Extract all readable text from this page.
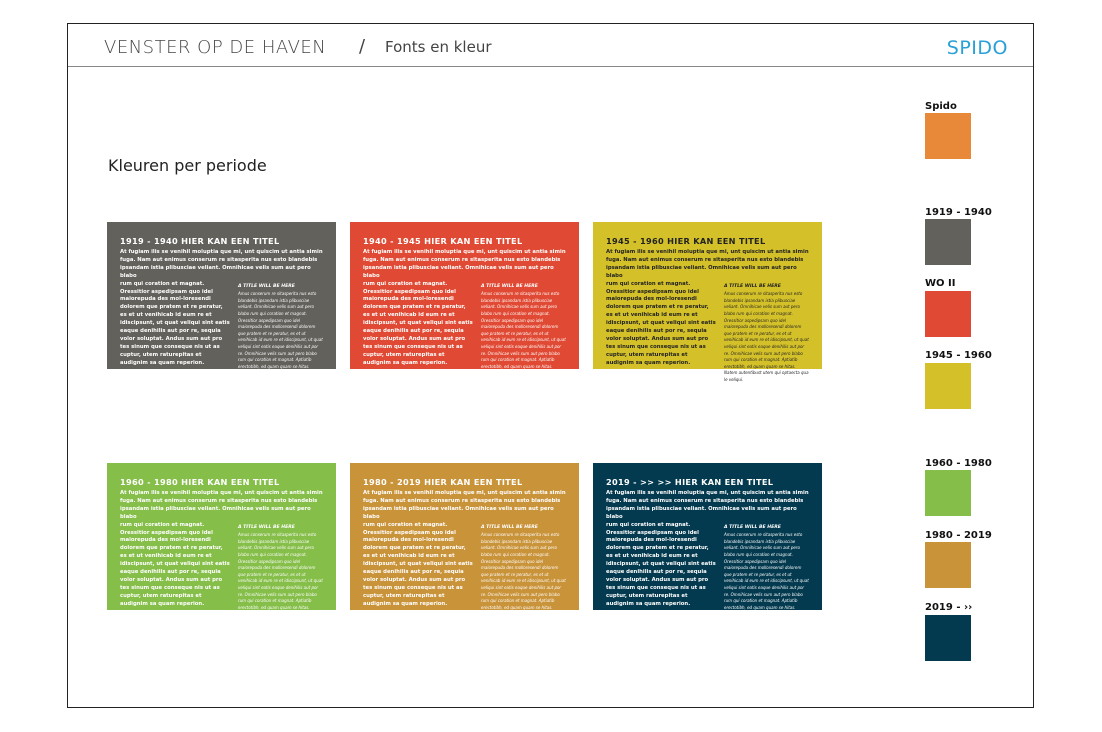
VENSTER OP DE HAVEN / Fonts en kleur	SPIDO
Kleuren per periode
1919 - 1940 HIER KAN EEN TITEL
At fugiam ilis se venihil moluptia que mi, unt quiscim ut antia simin fuga. Nam aut enimus conserum re sitasperita nus esto blandebis ipsandam istia plibusciae veliant. Omnihicae velis sum aut pero blabo
rum qui coration et magnat. Oressitior aspedipsam quo idel maiorepuda des mol-loresendi dolorem que pratem et re peratur, es et ut venihicab id eum re et idiscipsunt, ut quat veliqui sint eatis eaque denihilis aut por re, sequia volor soluptat. Andus sum aut pro tes sinum que conseque nis ut as cuptur, utem raturepitas et audignim sa quam reperion.
A TITLE WILL BE HERE
Amus conserum re sitasperita nus esto blandebis ipsandam istia plibusciae veliant. Omnihicae velis sum aut pero blabo rum qui coration et magnat. Oressitior aspedipsam quo idel maiorepuda des molloresendi dolorem que pratem et re peratur, es et ut venihicab id eum re et idiscipsunt, ut quat veliqui sint eatis eaque denihilis aut por re. Omnihicae velis sum aut pero blabo rum qui coration et magnat. Aptiatib erectotibh, ed quam quam se hitas. Natem autentibust utem qui optaecta qua le veliqui.
1940 - 1945 HIER KAN EEN TITEL
At fugiam ilis se venihil moluptia que mi, unt quiscim ut antia simin fuga. Nam aut enimus conserum re sitasperita nus esto blandebis ipsandam istia plibusciae veliant. Omnihicae velis sum aut pero blabo
rum qui coration et magnat. Oressitior aspedipsam quo idel maiorepuda des mol-loresendi dolorem que pratem et re peratur, es et ut venihicab id eum re et idiscipsunt, ut quat veliqui sint eatis eaque denihilis aut por re, sequia volor soluptat. Andus sum aut pro tes sinum que conseque nis ut as cuptur, utem raturepitas et audignim sa quam reperion.
A TITLE WILL BE HERE
Amus conserum re sitasperita nus esto blandebis ipsandam istia plibusciae veliant. Omnihicae velis sum aut pero blabo rum qui coration et magnat. Oressitior aspedipsam quo idel maiorepuda des molloresendi dolorem que pratem et re peratur, es et ut venihicab id eum re et idiscipsunt, ut quat veliqui sint eatis eaque denihilis aut por re. Omnihicae velis sum aut pero blabo rum qui coration et magnat. Aptiatib erectotibh, ed quam quam se hitas. Natem autentibust utem qui optaecta qua le veliqui.
1945 - 1960 HIER KAN EEN TITEL
At fugiam ilis se venihil moluptia que mi, unt quiscim ut antia simin fuga. Nam aut enimus conserum re sitasperita nus esto blandebis ipsandam istia plibusciae veliant. Omnihicae velis sum aut pero blabo
rum qui coration et magnat. Oressitior aspedipsam quo idel maiorepuda des mol-loresendi dolorem que pratem et re peratur, es et ut venihicab id eum re et idiscipsunt, ut quat veliqui sint eatis eaque denihilis aut por re, sequia volor soluptat. Andus sum aut pro tes sinum que conseque nis ut as cuptur, utem raturepitas et audignim sa quam reperion.
A TITLE WILL BE HERE
Amus conserum re sitasperita nus esto blandebis ipsandam istia plibusciae veliant. Omnihicae velis sum aut pero blabo rum qui coration et magnat. Oressitior aspedipsam quo idel maiorepuda des molloresendi dolorem que pratem et re peratur, es et ut venihicab id eum re et idiscipsunt, ut quat veliqui sint eatis eaque denihilis aut por re. Omnihicae velis sum aut pero blabo rum qui coration et magnat. Aptiatib erectotibh, ed quam quam se hitas. Natem autentibust utem qui optaecta qua le veliqui.
1960 - 1980 HIER KAN EEN TITEL
At fugiam ilis se venihil moluptia que mi, unt quiscim ut antia simin fuga. Nam aut enimus conserum re sitasperita nus esto blandebis ipsandam istia plibusciae veliant. Omnihicae velis sum aut pero blabo
rum qui coration et magnat. Oressitior aspedipsam quo idel maiorepuda des mol-loresendi dolorem que pratem et re peratur, es et ut venihicab id eum re et idiscipsunt, ut quat veliqui sint eatis eaque denihilis aut por re, sequia volor soluptat. Andus sum aut pro tes sinum que conseque nis ut as cuptur, utem raturepitas et audignim sa quam reperion.
A TITLE WILL BE HERE
Amus conserum re sitasperita nus esto blandebis ipsandam istia plibusciae veliant. Omnihicae velis sum aut pero blabo rum qui coration et magnat. Oressitior aspedipsam quo idel maiorepuda des molloresendi dolorem que pratem et re peratur, es et ut venihicab id eum re et idiscipsunt, ut quat veliqui sint eatis eaque denihilis aut por re. Omnihicae velis sum aut pero blabo rum qui coration et magnat. Aptiatib erectotibh, ed quam quam se hitas. Natem autentibust utem qui optaecta qua le veliqui.
1980 - 2019 HIER KAN EEN TITEL
At fugiam ilis se venihil moluptia que mi, unt quiscim ut antia simin fuga. Nam aut enimus conserum re sitasperita nus esto blandebis ipsandam istia plibusciae veliant. Omnihicae velis sum aut pero blabo
rum qui coration et magnat. Oressitior aspedipsam quo idel maiorepuda des mol-loresendi dolorem que pratem et re peratur, es et ut venihicab id eum re et idiscipsunt, ut quat veliqui sint eatis eaque denihilis aut por re, sequia volor soluptat. Andus sum aut pro tes sinum que conseque nis ut as cuptur, utem raturepitas et audignim sa quam reperion.
A TITLE WILL BE HERE
Amus conserum re sitasperita nus esto blandebis ipsandam istia plibusciae veliant. Omnihicae velis sum aut pero blabo rum qui coration et magnat. Oressitior aspedipsam quo idel maiorepuda des molloresendi dolorem que pratem et re peratur, es et ut venihicab id eum re et idiscipsunt, ut quat veliqui sint eatis eaque denihilis aut por re. Omnihicae velis sum aut pero blabo rum qui coration et magnat. Aptiatib erectotibh, ed quam quam se hitas. Natem autentibust utem qui optaecta qua le veliqui.
2019 - >> >> HIER KAN EEN TITEL
At fugiam ilis se venihil moluptia que mi, unt quiscim ut antia simin fuga. Nam aut enimus conserum re sitasperita nus esto blandebis ipsandam istia plibusciae veliant. Omnihicae velis sum aut pero blabo
rum qui coration et magnat. Oressitior aspedipsam quo idel maiorepuda des mol-loresendi dolorem que pratem et re peratur, es et ut venihicab id eum re et idiscipsunt, ut quat veliqui sint eatis eaque denihilis aut por re, sequia volor soluptat. Andus sum aut pro tes sinum que conseque nis ut as cuptur, utem raturepitas et audignim sa quam reperion.
A TITLE WILL BE HERE
Amus conserum re sitasperita nus esto blandebis ipsandam istia plibusciae veliant. Omnihicae velis sum aut pero blabo rum qui coration et magnat. Oressitior aspedipsam quo idel maiorepuda des molloresendi dolorem que pratem et re peratur, es et ut venihicab id eum re et idiscipsunt, ut quat veliqui sint eatis eaque denihilis aut por re. Omnihicae velis sum aut pero blabo rum qui coration et magnat. Aptiatib erectotibh, ed quam quam se hitas. Natem autentibust utem qui optaecta qua le veliqui.
Spido
1919 - 1940
WO II
1945 - 1960
1960 - 1980
1980 - 2019
2019 - ››
